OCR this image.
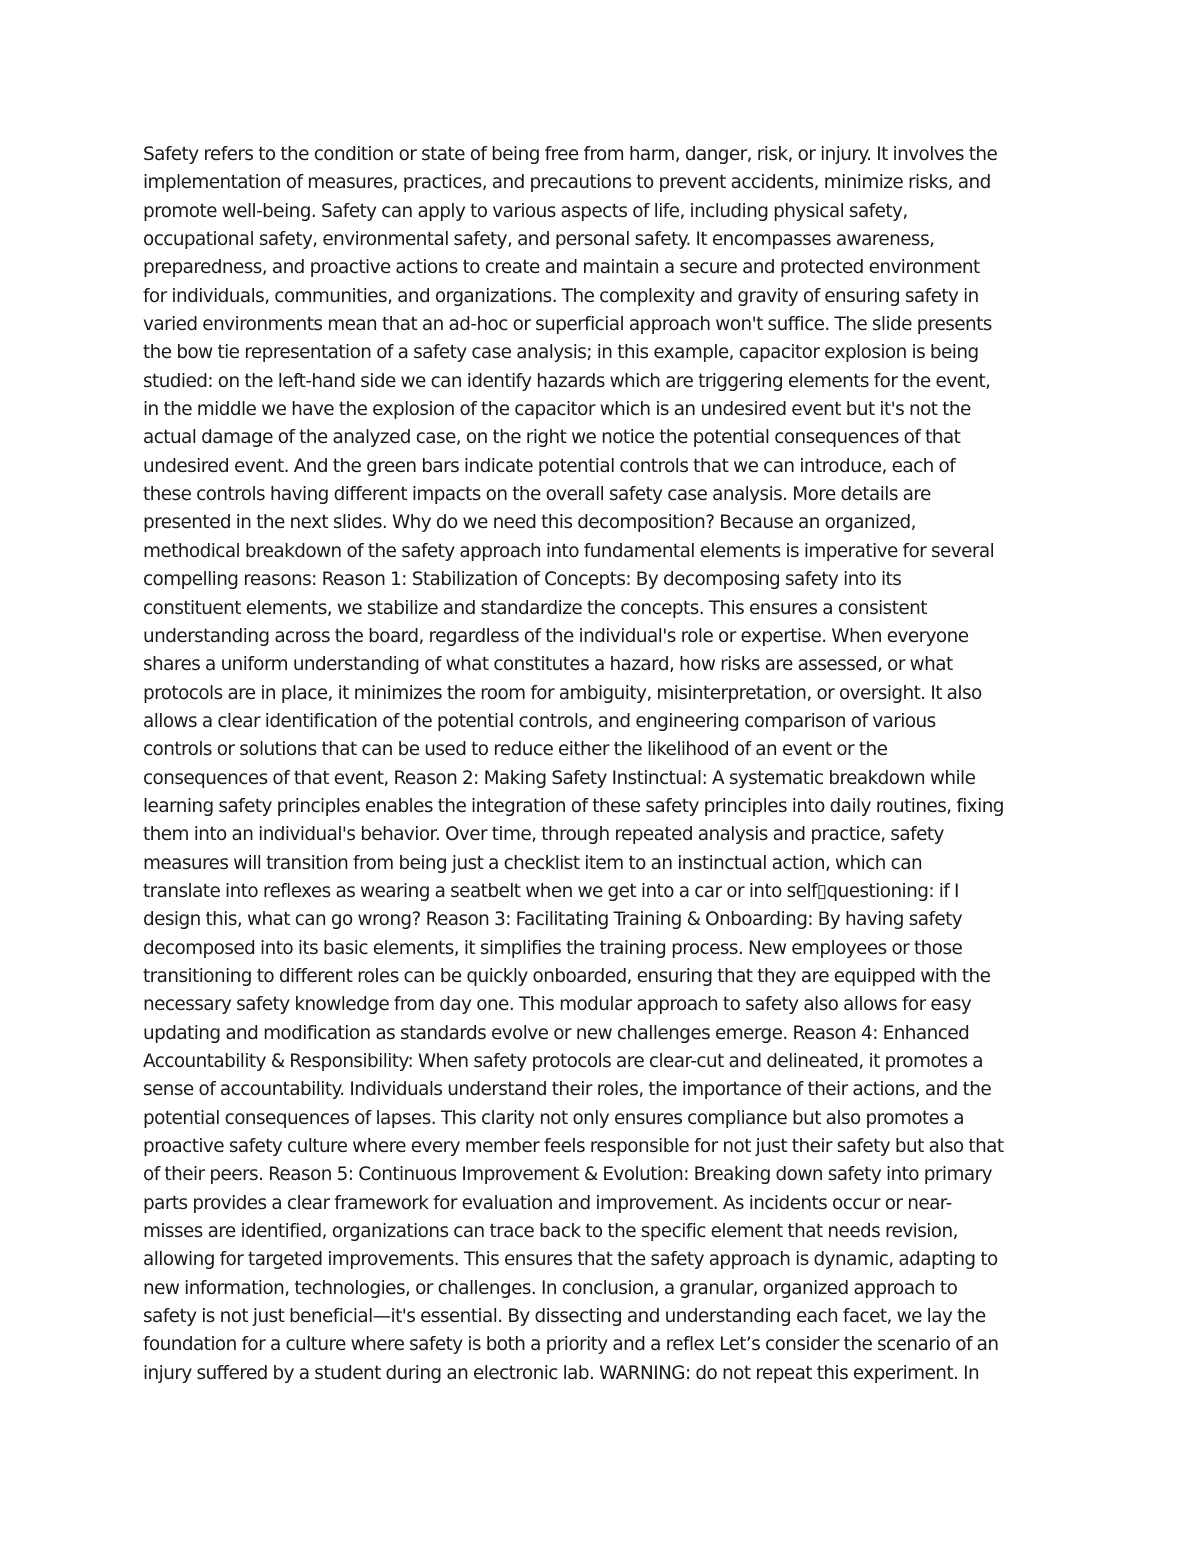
Safety refers to the condition or state of being free from harm, danger, risk, or injury. It involves the
implementation of measures, practices, and precautions to prevent accidents, minimize risks, and
promote well-being. Safety can apply to various aspects of life, including physical safety,
occupational safety, environmental safety, and personal safety. It encompasses awareness,
preparedness, and proactive actions to create and maintain a secure and protected environment
for individuals, communities, and organizations. The complexity and gravity of ensuring safety in
varied environments mean that an ad-hoc or superficial approach won't suffice. The slide presents
the bow tie representation of a safety case analysis; in this example, capacitor explosion is being
studied: on the left-hand side we can identify hazards which are triggering elements for the event,
in the middle we have the explosion of the capacitor which is an undesired event but it's not the
actual damage of the analyzed case, on the right we notice the potential consequences of that
undesired event. And the green bars indicate potential controls that we can introduce, each of
these controls having different impacts on the overall safety case analysis. More details are
presented in the next slides. Why do we need this decomposition? Because an organized,
methodical breakdown of the safety approach into fundamental elements is imperative for several
compelling reasons: Reason 1: Stabilization of Concepts: By decomposing safety into its
constituent elements, we stabilize and standardize the concepts. This ensures a consistent
understanding across the board, regardless of the individual's role or expertise. When everyone
shares a uniform understanding of what constitutes a hazard, how risks are assessed, or what
protocols are in place, it minimizes the room for ambiguity, misinterpretation, or oversight. It also
allows a clear identification of the potential controls, and engineering comparison of various
controls or solutions that can be used to reduce either the likelihood of an event or the
consequences of that event, Reason 2: Making Safety Instinctual: A systematic breakdown while
learning safety principles enables the integration of these safety principles into daily routines, fixing
them into an individual's behavior. Over time, through repeated analysis and practice, safety
measures will transition from being just a checklist item to an instinctual action, which can
translate into reflexes as wearing a seatbelt when we get into a car or into self▯questioning: if I
design this, what can go wrong? Reason 3: Facilitating Training & Onboarding: By having safety
decomposed into its basic elements, it simplifies the training process. New employees or those
transitioning to different roles can be quickly onboarded, ensuring that they are equipped with the
necessary safety knowledge from day one. This modular approach to safety also allows for easy
updating and modification as standards evolve or new challenges emerge. Reason 4: Enhanced
Accountability & Responsibility: When safety protocols are clear-cut and delineated, it promotes a
sense of accountability. Individuals understand their roles, the importance of their actions, and the
potential consequences of lapses. This clarity not only ensures compliance but also promotes a
proactive safety culture where every member feels responsible for not just their safety but also that
of their peers. Reason 5: Continuous Improvement & Evolution: Breaking down safety into primary
parts provides a clear framework for evaluation and improvement. As incidents occur or near-
misses are identified, organizations can trace back to the specific element that needs revision,
allowing for targeted improvements. This ensures that the safety approach is dynamic, adapting to
new information, technologies, or challenges. In conclusion, a granular, organized approach to
safety is not just beneficial—it's essential. By dissecting and understanding each facet, we lay the
foundation for a culture where safety is both a priority and a reflex Let’s consider the scenario of an
injury suffered by a student during an electronic lab. WARNING: do not repeat this experiment. In
